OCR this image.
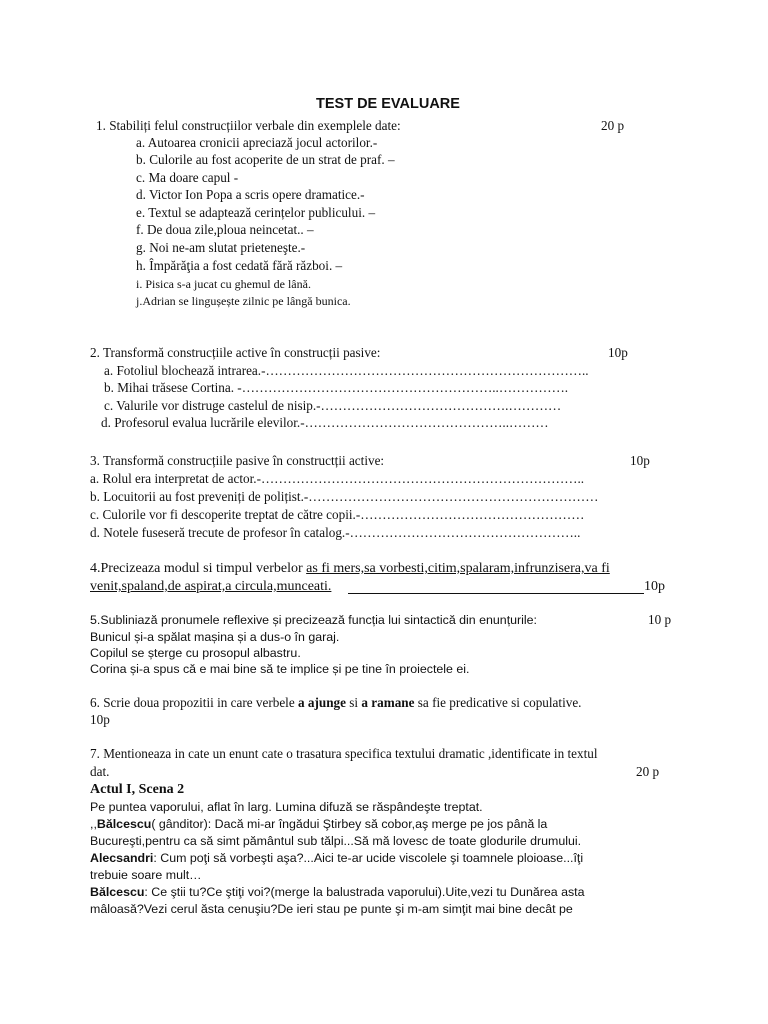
TEST DE EVALUARE
1. Stabiliți felul construcțiilor verbale din exemplele date:	20 p
a. Autoarea cronicii apreciază jocul actorilor.-
b. Culorile au fost acoperite de un strat de praf. –
c. Ma doare capul -
d. Victor Ion Popa a scris opere dramatice.-
e. Textul se adaptează cerințelor publicului. –
f. De doua zile,ploua neincetat.. –
g. Noi ne-am slutat prieteneşte.-
h. Împărăţia a fost cedată fără război. –
i. Pisica s-a jucat cu ghemul de lână.
j.Adrian se lingușește zilnic pe lângă bunica.
2. Transformă construcțiile active în construcții pasive:	10p
a. Fotoliul blochează intrarea.-………………………………………………………………..
b. Mihai trăsese Cortina. -…………………………………………………..…………….
c. Valurile vor distruge castelul de nisip.-…………………………………….…………
d. Profesorul evalua lucrările elevilor.-………………………………………..………
3. Transformă construcțiile pasive în constructții active:	10p
a. Rolul era interpretat de actor.-………………………………………………………………..
b. Locuitorii au fost preveniți de polițist.-…………………………………………………………
c. Culorile vor fi descoperite treptat de către copii.-……………………………………………
d. Notele fuseseră trecute de profesor în catalog.-……………………………………………..
4.Precizeaza modul si timpul verbelor as fi mers,sa vorbesti,citim,spalaram,infrunzisera,va fi
venit,spaland,de aspirat,a circula,munceati.	10p
5.Subliniază pronumele reflexive și precizează funcția lui sintactică din enunțurile:	10 p
Bunicul și-a spălat mașina și a dus-o în garaj.
Copilul se șterge cu prosopul albastru.
Corina și-a spus că e mai bine să te implice și pe tine în proiectele ei.
6. Scrie doua propozitii in care verbele a ajunge si a ramane sa fie predicative si copulative.
10p
7. Mentioneaza in cate un enunt cate o trasatura specifica textului dramatic ,identificate in textul
dat.	20 p
Actul I, Scena 2
Pe puntea vaporului, aflat în larg. Lumina difuză se răspândeşte treptat.
,,Bălcescu( gânditor): Dacă mi-ar îngădui Ştirbey să cobor,aş merge pe jos până la
Bucureşti,pentru ca să simt pământul sub tălpi...Să mă lovesc de toate glodurile drumului.
Alecsandri: Cum poţi să vorbeşti aşa?...Aici te-ar ucide viscolele şi toamnele ploioase...îţi
trebuie soare mult…
Bălcescu: Ce ştii tu?Ce ştiţi voi?(merge la balustrada vaporului).Uite,vezi tu Dunărea asta
mâloasă?Vezi cerul ăsta cenuşiu?De ieri stau pe punte şi m-am simţit mai bine decât pe
